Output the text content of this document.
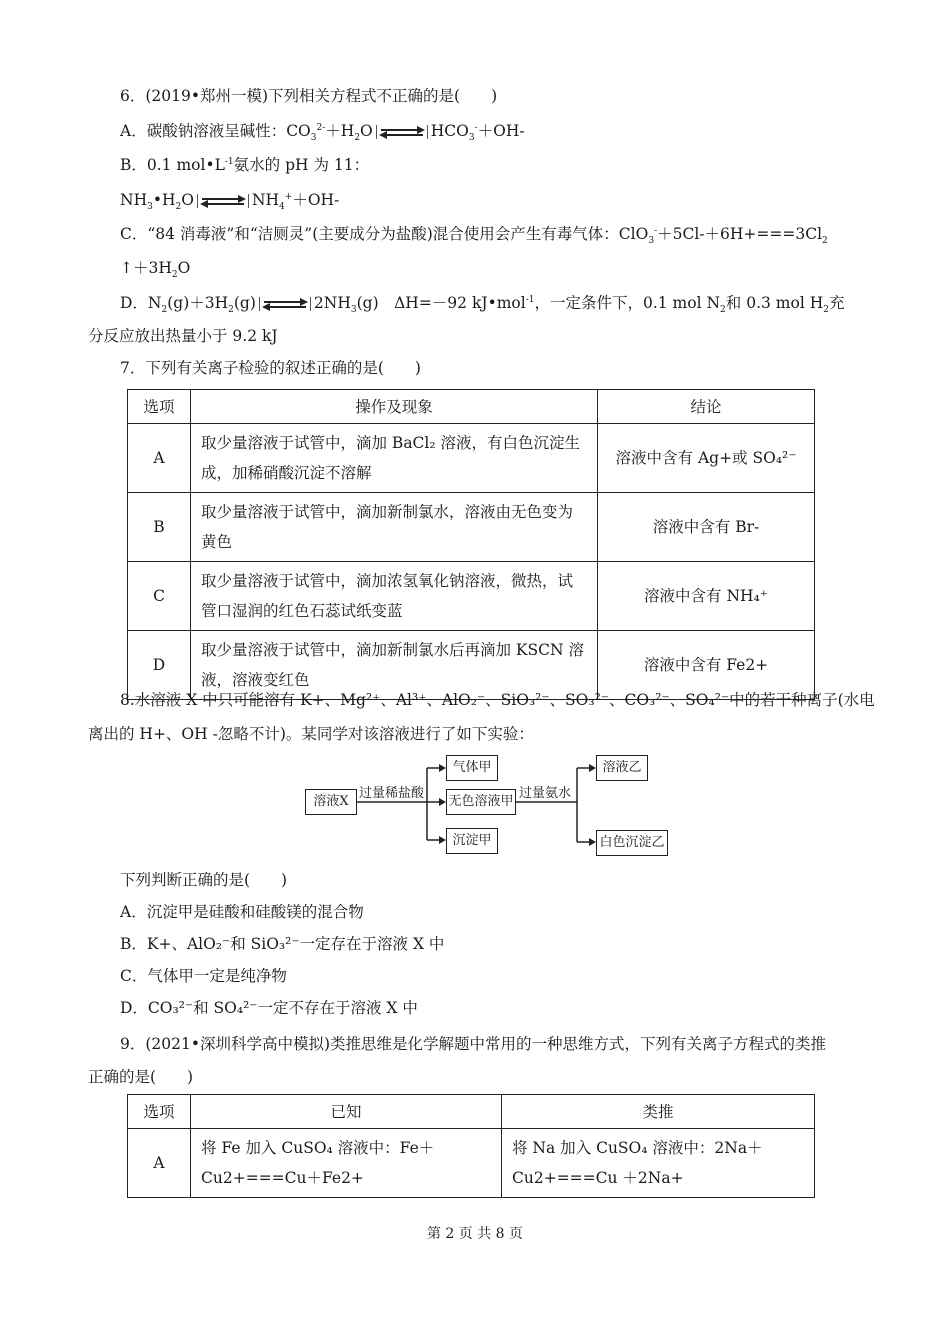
6．(2019•郑州一模)下列相关方程式不正确的是(　　)
A．碳酸钠溶液呈碱性：$CO_3^{2-}+H_2O$	$HCO_3^-+OH-$
B．0.1 $mol•L^{-1}$氨水的 pH 为 11：
$NH_3•H_2O$	$NH_4^++OH-$
C．“84 消毒液”和“洁厕灵”(主要成分为盐酸)混合使用会产生有毒气体：$ClO_3^-+5Cl-+6H+===3Cl_2$
$↑+3H_2O$
D．$N_2(g)+3H_2(g)$	$2NH_3(g)$　ΔH=－92 kJ•mol$^{-1}$，一定条件下，0.1 mol $N_2$和 0.3 mol $H_2$充
分反应放出热量小于 9.2 kJ
7．下列有关离子检验的叙述正确的是(　　)
选项	操作及现象	结论
A	取少量溶液于试管中，滴加 BaCl₂ 溶液，有白色沉淀生成，加稀硝酸沉淀不溶解	溶液中含有 Ag+或 SO₄²⁻
B	取少量溶液于试管中，滴加新制氯水，溶液由无色变为黄色	溶液中含有 Br-
C	取少量溶液于试管中，滴加浓氢氧化钠溶液，微热，试管口湿润的红色石蕊试纸变蓝	溶液中含有 NH₄⁺
D	取少量溶液于试管中，滴加新制氯水后再滴加 KSCN 溶液，溶液变红色	溶液中含有 Fe2+
8.水溶液 X 中只可能溶有 K+、Mg²⁺、Al³⁺、AlO₂⁻、SiO₃²⁻、SO₃²⁻、CO₃²⁻、SO₄²⁻中的若干种离子(水电
离出的 H+、OH -忽略不计)。某同学对该溶液进行了如下实验：
溶液X
过量稀盐酸
气体甲
无色溶液甲
沉淀甲
过量氨水
溶液乙
白色沉淀乙
下列判断正确的是(　　)
A．沉淀甲是硅酸和硅酸镁的混合物
B．K+、AlO₂⁻和 SiO₃²⁻一定存在于溶液 X 中
C．气体甲一定是纯净物
D．CO₃²⁻和 SO₄²⁻一定不存在于溶液 X 中
9．(2021•深圳科学高中模拟)类推思维是化学解题中常用的一种思维方式，下列有关离子方程式的类推
正确的是(　　)
选项	已知	类推
A	将 Fe 加入 CuSO₄ 溶液中：Fe＋Cu2+===Cu＋Fe2+	将 Na 加入 CuSO₄ 溶液中：2Na＋Cu2+===Cu ＋2Na+
第 2 页 共 8 页
